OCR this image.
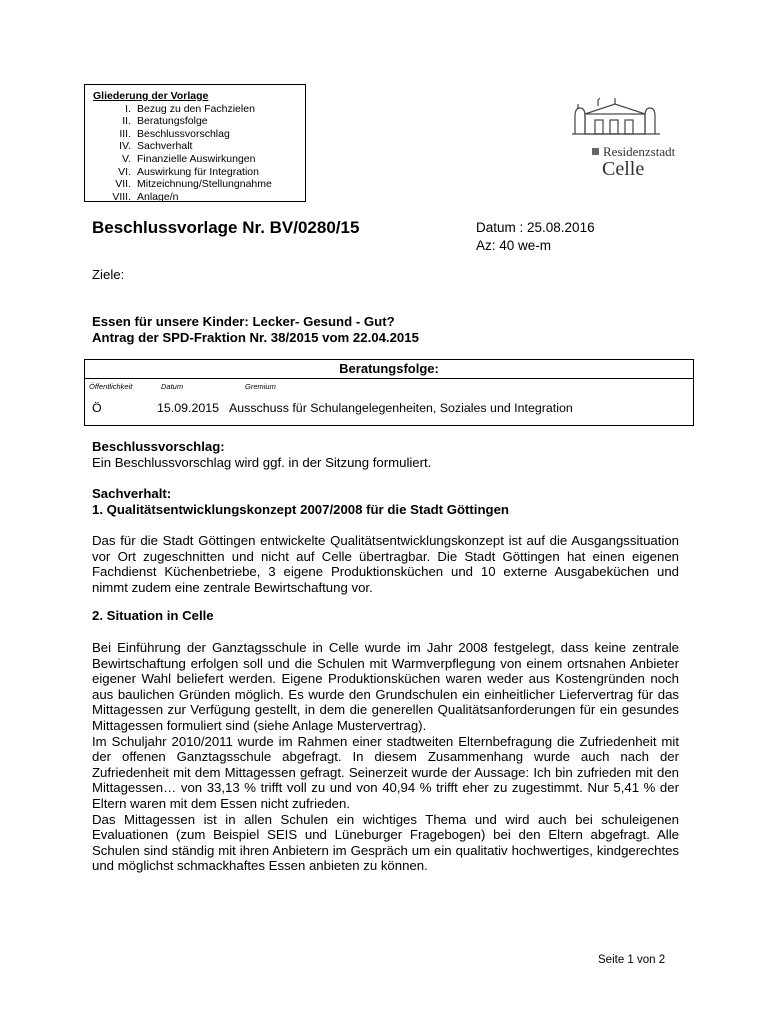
Gliederung der Vorlage
I. Bezug zu den Fachzielen
II. Beratungsfolge
III. Beschlussvorschlag
IV. Sachverhalt
V. Finanzielle Auswirkungen
VI. Auswirkung für Integration
VII. Mitzeichnung/Stellungnahme
VIII. Anlage/n
Residenzstadt
Celle
Beschlussvorlage Nr. BV/0280/15	Datum : 25.08.2016
Az: 40 we-m
Ziele:
Essen für unsere Kinder: Lecker- Gesund - Gut?
Antrag der SPD-Fraktion Nr. 38/2015 vom 22.04.2015
Beratungsfolge:
Öffentlichkeit	Datum	Gremium
Ö	15.09.2015 Ausschuss für Schulangelegenheiten, Soziales und Integration
Beschlussvorschlag:
Ein Beschlussvorschlag wird ggf. in der Sitzung formuliert.
Sachverhalt:
1. Qualitätsentwicklungskonzept 2007/2008 für die Stadt Göttingen
Das für die Stadt Göttingen entwickelte Qualitätsentwicklungskonzept ist auf die Ausgangssituation vor Ort zugeschnitten und nicht auf Celle übertragbar. Die Stadt Göttingen hat einen eigenen Fachdienst Küchenbetriebe, 3 eigene Produktionsküchen und 10 externe Ausgabeküchen und nimmt zudem eine zentrale Bewirtschaftung vor.
2. Situation in Celle

Bei Einführung der Ganztagsschule in Celle wurde im Jahr 2008 festgelegt, dass keine zentrale Bewirtschaftung erfolgen soll und die Schulen mit Warmverpflegung von einem ortsnahen Anbieter eigener Wahl beliefert werden. Eigene Produktionsküchen waren weder aus Kostengründen noch aus baulichen Gründen möglich. Es wurde den Grundschulen ein einheitlicher Liefervertrag für das Mittagessen zur Verfügung gestellt, in dem die generellen Qualitätsanforderungen für ein gesundes Mittagessen formuliert sind (siehe Anlage Mustervertrag).

Im Schuljahr 2010/2011 wurde im Rahmen einer stadtweiten Elternbefragung die Zufriedenheit mit der offenen Ganztagsschule abgefragt. In diesem Zusammenhang wurde auch nach der Zufriedenheit mit dem Mittagessen gefragt. Seinerzeit wurde der Aussage: Ich bin zufrieden mit den Mittagessen… von 33,13 % trifft voll zu und von 40,94 % trifft eher zu zugestimmt. Nur 5,41 % der Eltern waren mit dem Essen nicht zufrieden.

Das Mittagessen ist in allen Schulen ein wichtiges Thema und wird auch bei schuleigenen Evaluationen (zum Beispiel SEIS und Lüneburger Fragebogen) bei den Eltern abgefragt. Alle Schulen sind ständig mit ihren Anbietern im Gespräch um ein qualitativ hochwertiges, kindgerechtes und möglichst schmackhaftes Essen anbieten zu können.

Seite 1 von 2
